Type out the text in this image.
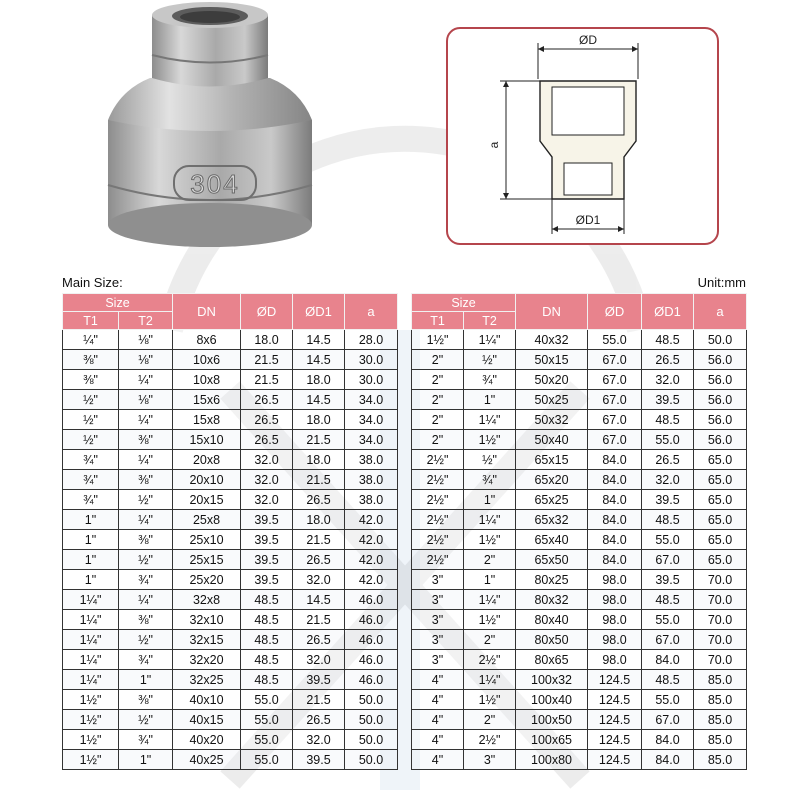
304
ØD
a
ØD1
Main Size:	Unit:mm
Size		DN	ØD	ØD1	a
T1	T2				
¼"	⅛"	8x6	18.0	14.5	28.0
⅜"	⅛"	10x6	21.5	14.5	30.0
⅜"	¼"	10x8	21.5	18.0	30.0
½"	⅛"	15x6	26.5	14.5	34.0
½"	¼"	15x8	26.5	18.0	34.0
½"	⅜"	15x10	26.5	21.5	34.0
¾"	¼"	20x8	32.0	18.0	38.0
¾"	⅜"	20x10	32.0	21.5	38.0
¾"	½"	20x15	32.0	26.5	38.0
1"	¼"	25x8	39.5	18.0	42.0
1"	⅜"	25x10	39.5	21.5	42.0
1"	½"	25x15	39.5	26.5	42.0
1"	¾"	25x20	39.5	32.0	42.0
1¼"	¼"	32x8	48.5	14.5	46.0
1¼"	⅜"	32x10	48.5	21.5	46.0
1¼"	½"	32x15	48.5	26.5	46.0
1¼"	¾"	32x20	48.5	32.0	46.0
1¼"	1"	32x25	48.5	39.5	46.0
1½"	⅜"	40x10	55.0	21.5	50.0
1½"	½"	40x15	55.0	26.5	50.0
1½"	¾"	40x20	55.0	32.0	50.0
1½"	1"	40x25	55.0	39.5	50.0
Size		DN	ØD	ØD1	a
T1	T2				
1½"	1¼"	40x32	55.0	48.5	50.0
2"	½"	50x15	67.0	26.5	56.0
2"	¾"	50x20	67.0	32.0	56.0
2"	1"	50x25	67.0	39.5	56.0
2"	1¼"	50x32	67.0	48.5	56.0
2"	1½"	50x40	67.0	55.0	56.0
2½"	½"	65x15	84.0	26.5	65.0
2½"	¾"	65x20	84.0	32.0	65.0
2½"	1"	65x25	84.0	39.5	65.0
2½"	1¼"	65x32	84.0	48.5	65.0
2½"	1½"	65x40	84.0	55.0	65.0
2½"	2"	65x50	84.0	67.0	65.0
3"	1"	80x25	98.0	39.5	70.0
3"	1¼"	80x32	98.0	48.5	70.0
3"	1½"	80x40	98.0	55.0	70.0
3"	2"	80x50	98.0	67.0	70.0
3"	2½"	80x65	98.0	84.0	70.0
4"	1¼"	100x32	124.5	48.5	85.0
4"	1½"	100x40	124.5	55.0	85.0
4"	2"	100x50	124.5	67.0	85.0
4"	2½"	100x65	124.5	84.0	85.0
4"	3"	100x80	124.5	84.0	85.0
